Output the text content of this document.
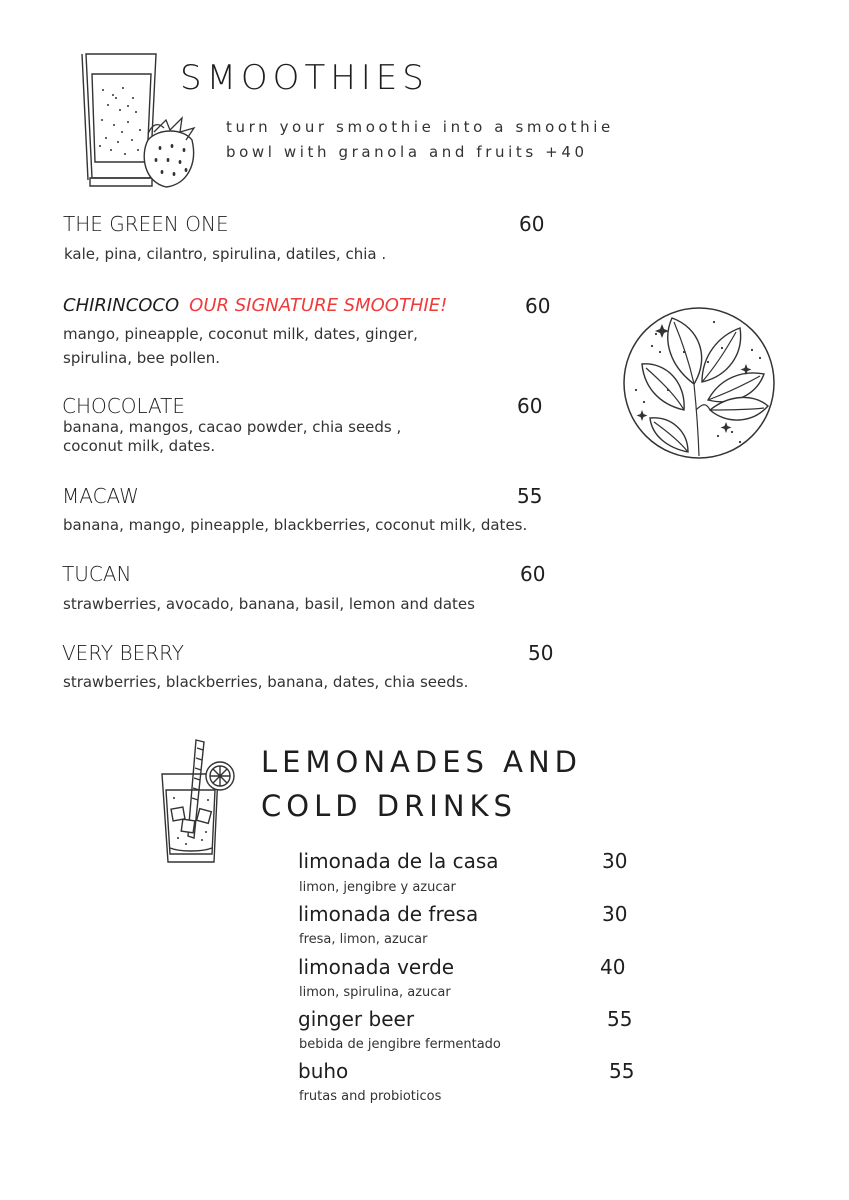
SMOOTHIES
turn your smoothie into a smoothie
bowl with granola and fruits +40
THE GREEN ONE	60
kale, pina, cilantro, spirulina, datiles, chia .
CHIRINCOCO OUR SIGNATURE SMOOTHIE!	60
mango, pineapple, coconut milk, dates, ginger,
spirulina, bee pollen.
CHOCOLATE	60
banana, mangos, cacao powder, chia seeds ,
coconut milk, dates.
MACAW	55
banana, mango, pineapple, blackberries, coconut milk, dates.
TUCAN	60
strawberries, avocado, banana, basil, lemon and dates
VERY BERRY	50
strawberries, blackberries, banana, dates, chia seeds.
LEMONADES AND
COLD DRINKS
limonada de la casa	30
limon, jengibre y azucar
limonada de fresa	30
fresa, limon, azucar
limonada verde	40
limon, spirulina, azucar
ginger beer	55
bebida de jengibre fermentado
buho	55
frutas and probioticos
